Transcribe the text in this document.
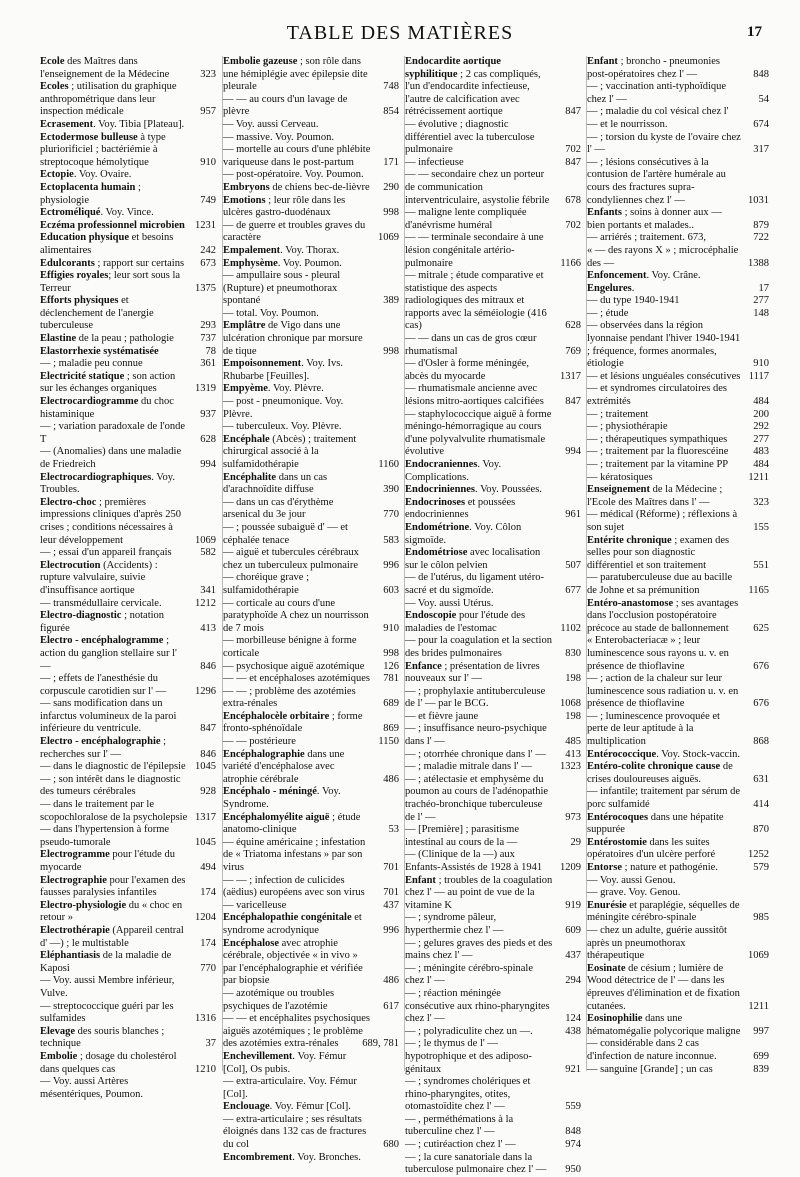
TABLE DES MATIÈRES	17
Ecole des Maîtres dans l'enseignement de la Médecine	323
Ecoles ; utilisation du graphique anthropométrique dans leur inspection médicale	957
Ecrasement. Voy. Tibia [Plateau].
Ectodermose bulleuse à type pluriorificiel ; bactériémie à streptocoque hémolytique	910
Ectopie. Voy. Ovaire.
Ectoplacenta humain ; physiologie	749
Ectroméliqué. Voy. Vince.
Eczéma professionnel microbien 1231
Education physique et besoins alimentaires	242
Edulcorants ; rapport sur certains	673
Effigies royales; leur sort sous la Terreur	1375
Efforts physiques et déclenchement de l'anergie tuberculeuse	293
Elastine de la peau ; pathologie	737
Elastorrhexie systématisée	78
— ; maladie peu connue	361
Electricité statique ; son action sur les échanges organiques	1319
Electrocardiogramme du choc histaminique	937
— ; variation paradoxale de l'onde T	628
— (Anomalies) dans une maladie de Friedreich	994
Electrocardiographiques. Voy. Troubles.
Electro-choc ; premières impressions cliniques d'après 250 crises ; conditions nécessaires à leur développement	1069
— ; essai d'un appareil français	582
Electrocution (Accidents) : rupture valvulaire, suivie d'insuffisance aortique	341
— transmédullaire cervicale.	1212
Electro-diagnostic ; notation figurée	413
Electro - encéphalogramme ; action du ganglion stellaire sur l' —	846
— ; effets de l'anesthésie du corpuscule carotidien sur l' —	1296
— sans modification dans un infarctus volumineux de la paroi inférieure du ventricule.	847
Electro - encéphalographie ; recherches sur l' —	846
— dans le diagnostic de l'épilepsie 1045
— ; son intérêt dans le diagnostic des tumeurs cérébrales	928
— dans le traitement par le scopochloralose de la psycholepsie 1317
— dans l'hypertension à forme pseudo-tumorale	1045
Electrogramme pour l'étude du myocarde	494
Electrographie pour l'examen des fausses paralysies infantiles	174
Electro-physiologie du « choc en retour »	1204
Electrothérapie (Appareil central d' —) ; le multistable	174
Eléphantiasis de la maladie de Kaposi	770
— Voy. aussi Membre inférieur, Vulve.
— streptococcique guéri par les sulfamides	1316
Elevage des souris blanches ; technique	37
Embolie ; dosage du cholestérol dans quelques cas	1210
— Voy. aussi Artères mésentériques, Poumon.
Embolie gazeuse ; son rôle dans une hémiplégie avec épilepsie dite pleurale	748
— — au cours d'un lavage de plèvre	854
— Voy. aussi Cerveau.
— massive. Voy. Poumon.
— mortelle au cours d'une phlébite variqueuse dans le post-partum	171
— post-opératoire. Voy. Poumon.
Embryons de chiens bec-de-lièvre 290
Emotions ; leur rôle dans les ulcères gastro-duodénaux	998
— de guerre et troubles graves du caractère	1069
Empalement. Voy. Thorax.
Emphysème. Voy. Poumon.
— ampullaire sous - pleural (Rupture) et pneumothorax spontané	389
— total. Voy. Poumon.
Emplâtre de Vigo dans une ulcération chronique par morsure de tique	998
Empoisonnement. Voy. Ivs. Rhubarbe [Feuilles].
Empyème. Voy. Plèvre.
— post - pneumonique. Voy. Plèvre.
— tuberculeux. Voy. Plèvre.
Encéphale (Abcès) ; traitement chirurgical associé à la sulfamidothérapie	1160
Encéphalite dans un cas d'arachnoïdite diffuse	390
— dans un cas d'érythème arsenical du 3e jour	770
— ; poussée subaiguë d' — et céphalée tenace	583
— aiguë et tubercules cérébraux chez un tuberculeux pulmonaire	996
— choréique grave ; sulfamidothérapie	603
— corticale au cours d'une paratyphoïde A chez un nourrisson de 7 mois	910
— morbilleuse bénigne à forme corticale	998
— psychosique aiguë azotémique	126
— — et encéphaloses azotémiques 781
— — ; problème des azotémies extra-rénales	689
Encéphalocèle orbitaire ; forme fronto-sphénoïdale	869
— — postérieure	1150
Encéphalographie dans une variété d'encéphalose avec atrophie cérébrale	486
Encéphalo - méningé. Voy. Syndrome.
Encéphalomyélite aiguë ; étude anatomo-clinique	53
— équine américaine ; infestation de « Triatoma infestans » par son virus	701
— — ; infection de culicides (aëdius) européens avec son virus	701
— varicelleuse	437
Encéphalopathie congénitale et syndrome acrodynique	996
Encéphalose avec atrophie cérébrale, objectivée « in vivo » par l'encéphalographie et vérifiée par biopsie	486
— azotémique ou troubles psychiques de l'azotémie	617
— — et encéphalites psychosiques aiguës azotémiques ; le problème des azotémies extra-rénales	689, 781
Enchevillement. Voy. Fémur [Col], Os pubis.
— extra-articulaire. Voy. Fémur [Col].
Enclouage. Voy. Fémur [Col].
— extra-articulaire ; ses résultats éloignés dans 132 cas de fractures du col	680
Encombrement. Voy. Bronches.
Endocardite aortique syphilitique ; 2 cas compliqués, l'un d'endocardite infectieuse, l'autre de calcification avec rétrécissement aortique	847
— évolutive ; diagnostic différentiel avec la tuberculose pulmonaire	702
— infectieuse	847
— — secondaire chez un porteur de communication interventriculaire, asystolie fébrile	678
— maligne lente compliquée d'anévrisme huméral	702
— — terminale secondaire à une lésion congénitale artério-pulmonaire	1166
— mitrale ; étude comparative et statistique des aspects radiologiques des mitraux et rapports avec la séméiologie (416 cas)	628
— — dans un cas de gros cœur rhumatismal	769
— d'Osler à forme méningée, abcès du myocarde	1317
— rhumatismale ancienne avec lésions mitro-aortiques calcifiées	847
— staphylococcique aiguë à forme méningo-hémorragique au cours d'une polyvalvulite rhumatismale évolutive	994
Endocraniennes. Voy. Complications.
Endocriniennes. Voy. Poussées.
Endocrinoses et poussées endocriniennes	961
Endométrione. Voy. Côlon sigmoïde.
Endométriose avec localisation sur le côlon pelvien	507
— de l'utérus, du ligament utéro-sacré et du sigmoïde.	677
— Voy. aussi Utérus.
Endoscopie pour l'étude des maladies de l'estomac	1102
— pour la coagulation et la section des brides pulmonaires	830
Enfance ; présentation de livres nouveaux sur l' —	198
— ; prophylaxie antituberculeuse de l' — par le BCG.	1068
— et fièvre jaune	198
— ; insuffisance neuro-psychique dans l' —	485
— ; otorrhée chronique dans l' —	413
— ; maladie mitrale dans l' —	1323
— ; atélectasie et emphysème du poumon au cours de l'adénopathie trachéo-bronchique tuberculeuse de l' —	973
— [Première] ; parasitisme intestinal au cours de la —	29
— (Clinique de la —) aux Enfants-Assistés de 1928 à 1941	1209
Enfant ; troubles de la coagulation chez l' — au point de vue de la vitamine K	919
— ; syndrome pâleur, hyperthermie chez l' —	609
— ; gelures graves des pieds et des mains chez l' —	437
— ; méningite cérébro-spinale chez l' —	294
— ; réaction méningée consécutive aux rhino-pharyngites chez l' —	124
— ; polyradiculite chez un —.	438
— ; le thymus de l' — hypotrophique et des adiposo-génitaux	921
— ; syndromes cholériques et rhino-pharyngites, otites, otomastoïdite chez l' —	559
— , perméthémations à la tuberculine chez l' —	848
— ; cutiréaction chez l' —	974
— ; la cure sanatoriale dans la tuberculose pulmonaire chez l' —	950
Enfant ; broncho - pneumonies post-opératoires chez l' —	848
— ; vaccination anti-typhoïdique chez l' —	54
— ; maladie du col vésical chez l' — et le nourrisson.	674
— ; torsion du kyste de l'ovaire chez l' —	317
— ; lésions consécutives à la contusion de l'artère humérale au cours des fractures supra-condyliennes chez l' —	1031
Enfants ; soins à donner aux — bien portants et malades..	879
— arriérés ; traitement. 673,	722
« — des rayons X » ; microcéphalie des —	1388
Enfoncement. Voy. Crâne.
Engelures.	17
— du type 1940-1941	277
— ; étude	148
— observées dans la région lyonnaise pendant l'hiver 1940-1941 ; fréquence, formes anormales, étiologie	910
— et lésions unguéales consécutives 1117
— et syndromes circulatoires des extrémités	484
— ; traitement	200
— ; physiothérapie	292
— ; thérapeutiques sympathiques	277
— ; traitement par la fluorescéine	483
— ; traitement par la vitamine PP	484
— kératosiques	1211
Enseignement de la Médecine ; l'Ecole des Maîtres dans l' —	323
— médical (Réforme) ; réflexions à son sujet	155
Entérite chronique ; examen des selles pour son diagnostic différentiel et son traitement	551
— paratuberculeuse due au bacille de Johne et sa prémunition	1165
Entéro-anastomose ; ses avantages dans l'occlusion postopératoire précoce au stade de ballonnement	625
« Enterobacteriacæ » ; leur luminescence sous rayons u. v. en présence de thioflavine	676
— ; action de la chaleur sur leur luminescence sous radiation u. v. en présence de thioflavine	676
— ; luminescence provoquée et perte de leur aptitude à la multiplication	868
Entérococcique. Voy. Stock-vaccin.
Entéro-colite chronique cause de crises douloureuses aiguës.	631
— infantile; traitement par sérum de porc sulfamidé	414
Entérocoques dans une hépatite suppurée	870
Entérostomie dans les suites opératoires d'un ulcère perforé	1252
Entorse ; nature et pathogénie.	579
— Voy. aussi Genou.
— grave. Voy. Genou.
Enurésie et paraplégie, séquelles de méningite cérébro-spinale	985
— chez un adulte, guérie aussitôt après un pneumothorax thérapeutique	1069
Eosinate de césium ; lumière de Wood détectrice de l' — dans les épreuves d'élimination et de fixation cutanées.	1211
Eosinophilie dans une hématomégalie polycorique maligne 997
— considérable dans 2 cas d'infection de nature inconnue.	699
— sanguine [Grande] ; un cas	839
